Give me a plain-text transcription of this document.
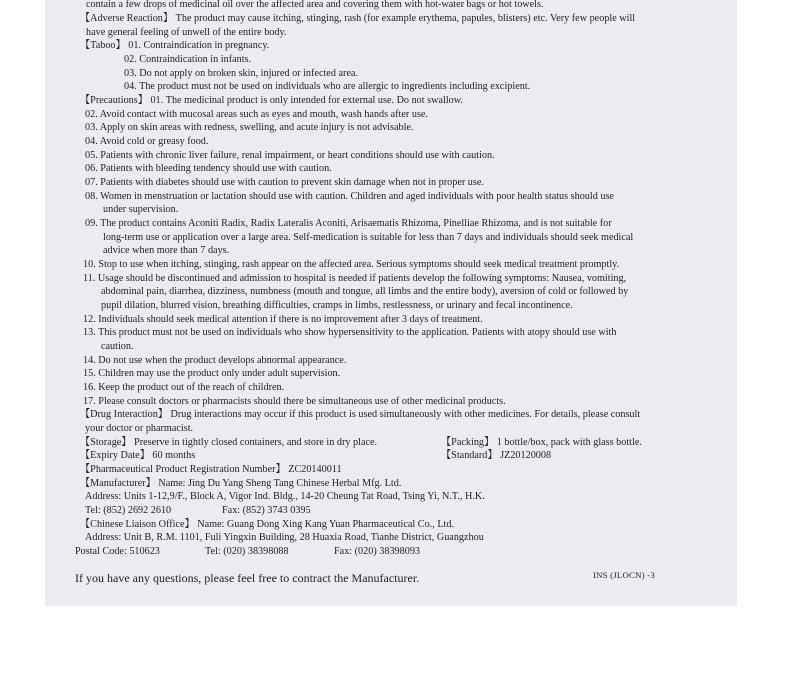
contain a few drops of medicinal oil over the affected area and covering them with hot-water bags or hot towels.
【Adverse Reaction】 The product may cause itching, stinging, rash (for example erythema, papules, blisters) etc. Very few people will
have general feeling of unwell of the entire body.
【Taboo】 01. Contraindication in pregnancy.
02. Contraindication in infants.
03. Do not apply on broken skin, injured or infected area.
04. The product must not be used on individuals who are allergic to ingredients including excipient.
【Precautions】 01. The medicinal product is only intended for external use. Do not swallow.
02. Avoid contact with mucosal areas such as eyes and mouth, wash hands after use.
03. Apply on skin areas with redness, swelling, and acute injury is not advisable.
04. Avoid cold or greasy food.
05. Patients with chronic liver failure, renal impairment, or heart conditions should use with caution.
06. Patients with bleeding tendency should use with caution.
07. Patients with diabetes should use with caution to prevent skin damage when not in proper use.
08. Women in menstruation or lactation should use with caution. Children and aged individuals with poor health status should use
under supervision.
09. The product contains Aconiti Radix, Radix Lateralis Aconiti, Arisaematis Rhizoma, Pinelliae Rhizoma, and is not suitable for
long-term use or application over a large area. Self-medication is suitable for less than 7 days and individuals should seek medical
advice when more than 7 days.
10. Stop to use when itching, stinging, rash appear on the affected area. Serious symptoms should seek medical treatment promptly.
11. Usage should be discontinued and admission to hospital is needed if patients develop the following symptoms: Nausea, vomiting,
abdominal pain, diarrhea, dizziness, numbness (mouth and tongue, all limbs and the entire body), aversion of cold or followed by
pupil dilation, blurred vision, breathing difficulties, cramps in limbs, restlessness, or urinary and fecal incontinence.
12. Individuals should seek medical attention if there is no improvement after 3 days of treatment.
13. This product must not be used on individuals who show hypersensitivity to the application. Patients with atopy should use with
caution.
14. Do not use when the product develops abnormal appearance.
15. Children may use the product only under adult supervision.
16. Keep the product out of the reach of children.
17. Please consult doctors or pharmacists should there be simultaneous use of other medicinal products.
【Drug Interaction】 Drug interactions may occur if this product is used simultaneously with other medicines. For details, please consult
your doctor or pharmacist.
【Storage】 Preserve in tightly closed containers, and store in dry place.	【Packing】 1 bottle/box, pack with glass bottle.
【Expiry Date】 60 months	【Standard】 JZ20120008
【Pharmaceutical Product Registration Number】 ZC20140011
【Manufacturer】 Name: Jing Du Yang Sheng Tang Chinese Herbal Mfg. Ltd.
Address: Units 1-12,9/F., Block A, Vigor Ind. Bldg., 14-20 Cheung Tat Road, Tsing Yi, N.T., H.K.
Tel: (852) 2692 2610	Fax: (852) 3743 0395
【Chinese Liaison Office】 Name: Guang Dong Xing Kang Yuan Pharmaceutical Co., Ltd.
Address: Unit B, R.M. 1101, Fuli Yingxin Building, 28 Huaxia Road, Tianhe District, Guangzhou
Postal Code: 510623	Tel: (020) 38398088	Fax: (020) 38398093
If you have any questions, please feel free to contract the Manufacturer.	INS (JLOCN) -3
